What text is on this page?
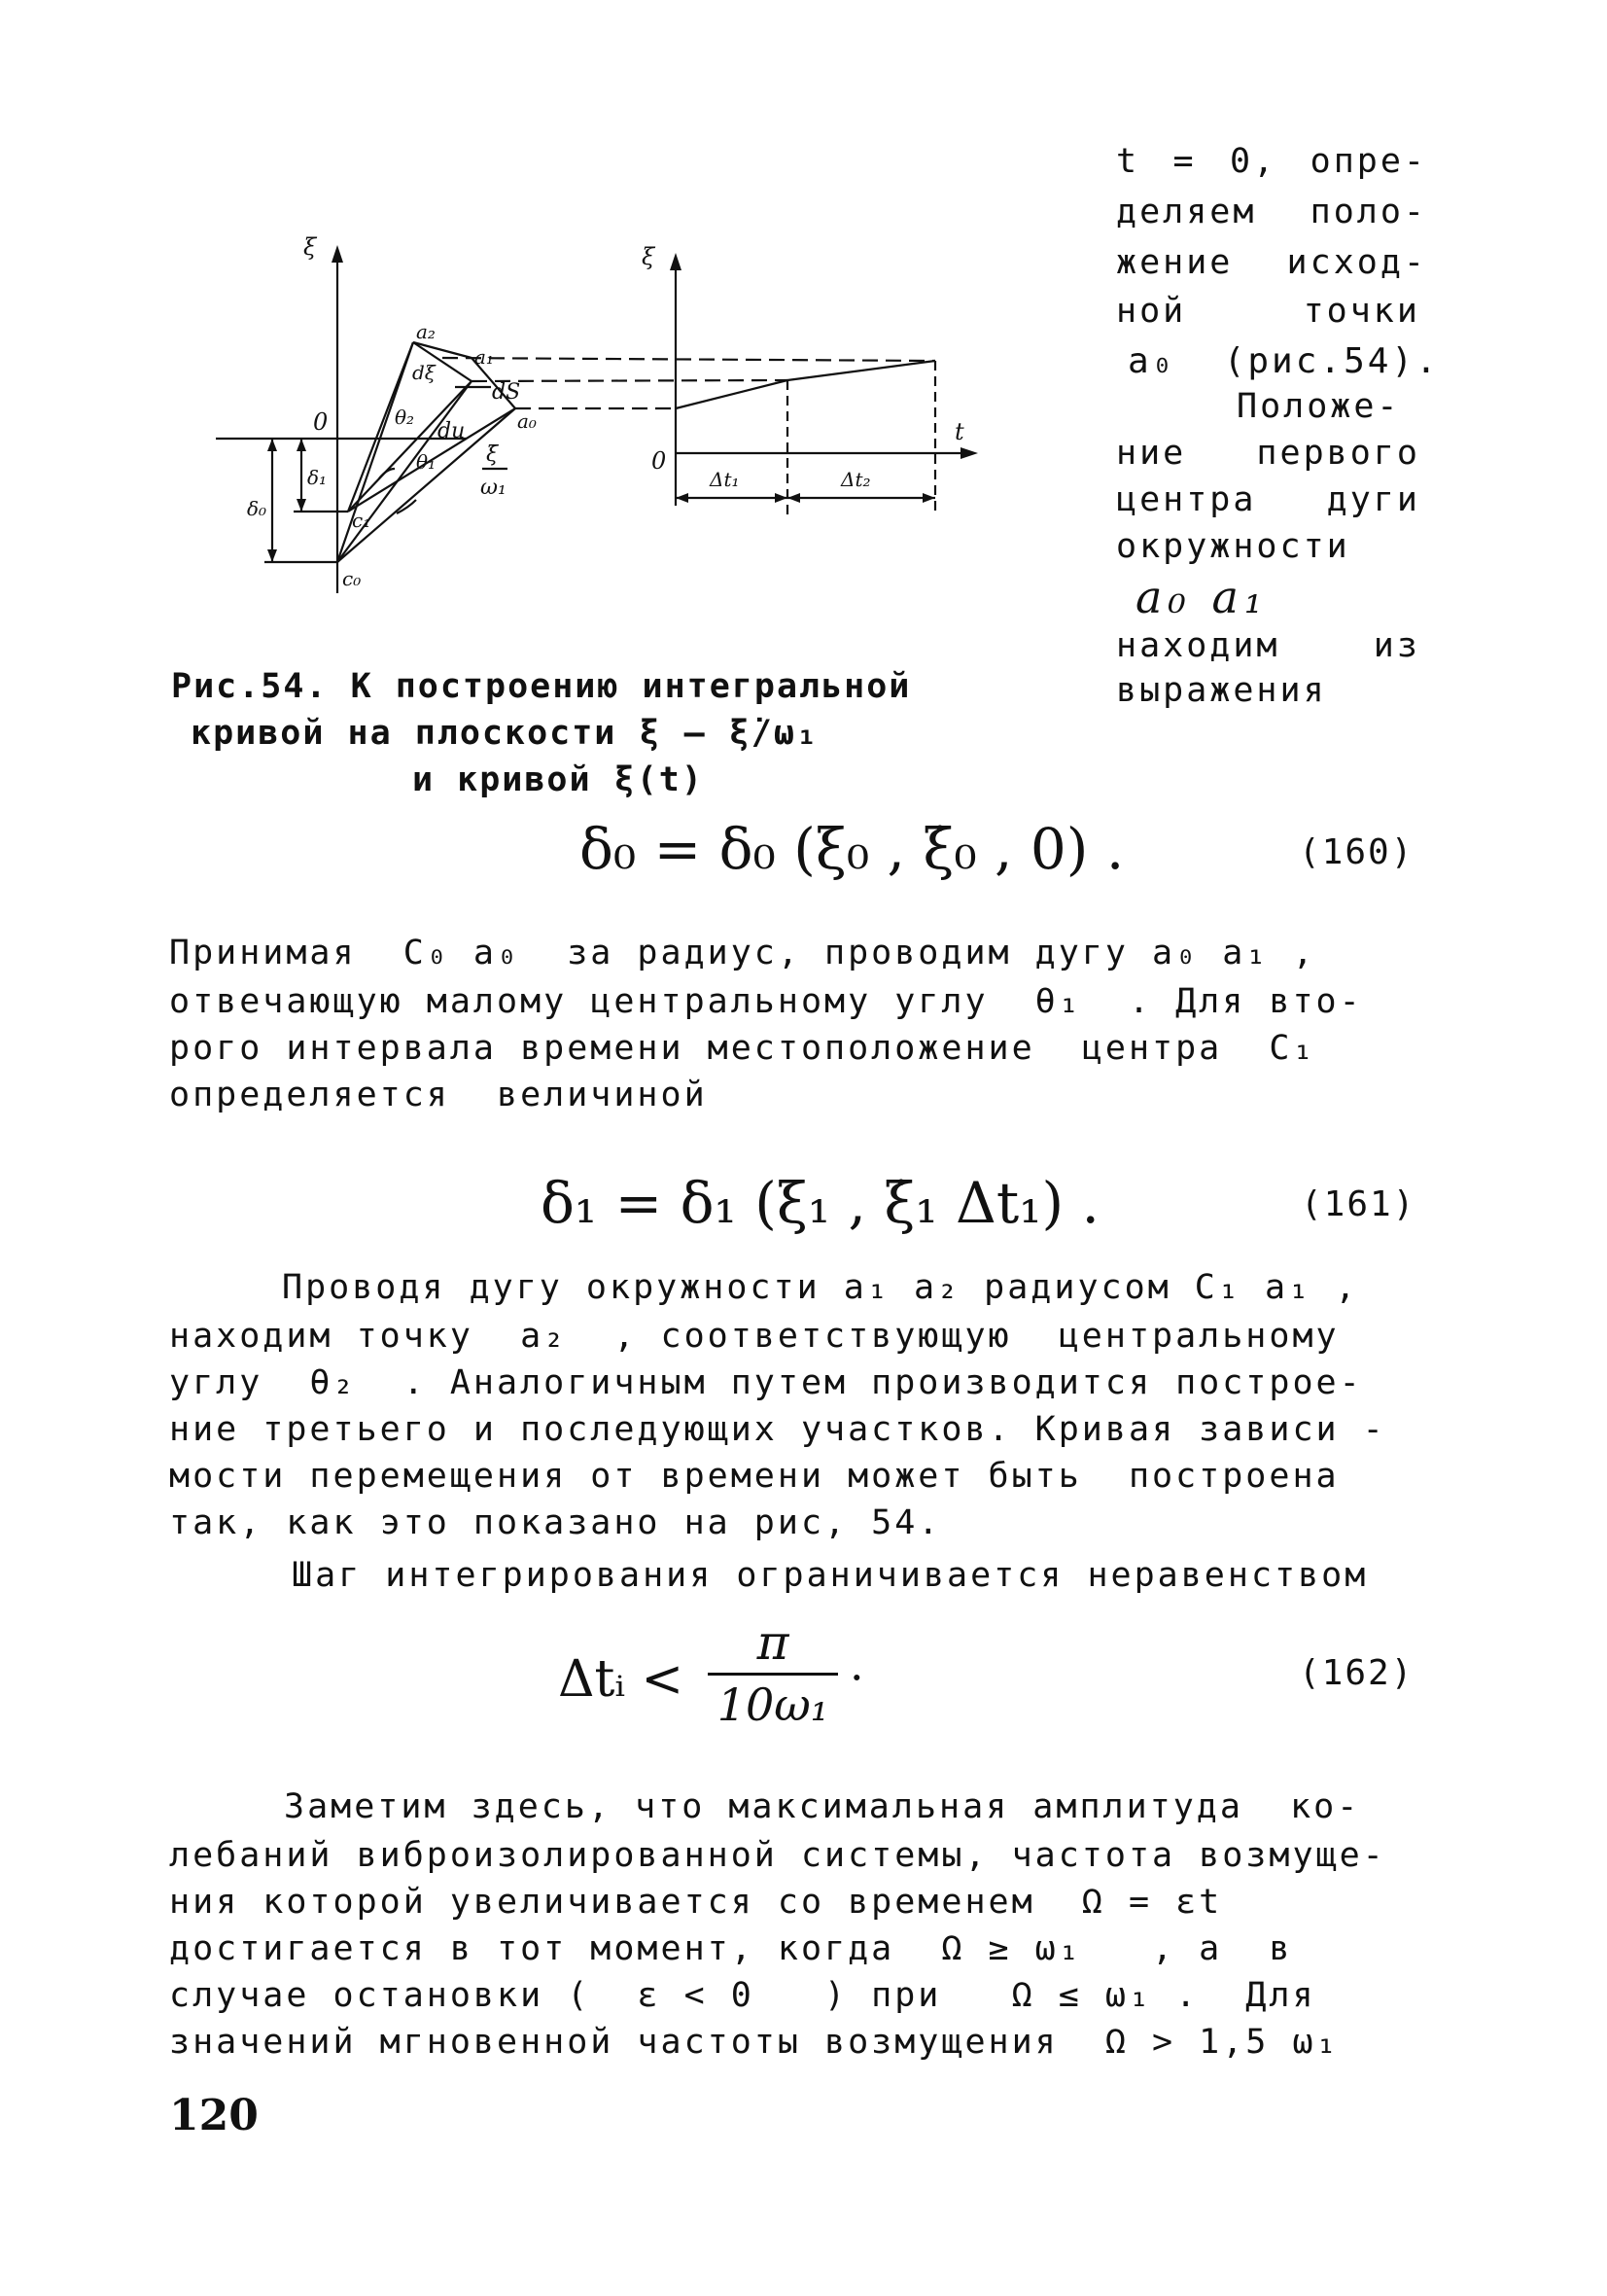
t = 0, опре-
деляем поло-
жение исход-
ной     точки
a₀  (рис.54).
Положе-
ние   первого
центра   дуги
окружности
a₀ a₁
находим    из
выражения
ξ	ξ
t
0
0
ξ̇
ω₁
a₂
a₁
a₀
c₁
c₀
dξ
du
dS
θ₂
θ₁
δ₁
δ₀
Δt₁	Δt₂
Рис.54. К построению интегральной
кривой на плоскости ξ – ξ̇/ω₁
и кривой ξ(t)
δ₀ = δ₀ (ξ₀ , ξ̇₀ , 0) .	(160)
Принимая  C₀ a₀  за радиус, проводим дугу a₀ a₁ ,
отвечающую малому центральному углу  θ₁  . Для вто-
рого интервала времени местоположение  центра  C₁
определяется  величиной
δ₁ = δ₁ (ξ₁ , ξ̇₁ Δt₁) .	(161)
Проводя дугу окружности a₁ a₂ радиусом C₁ a₁ ,
находим точку  a₂  , соответствующую  центральному
углу  θ₂  . Аналогичным путем производится построе-
ние третьего и последующих участков. Кривая зависи -
мости перемещения от времени может быть  построена
так, как это показано на рис, 54.
Шаг интегрирования ограничивается неравенством
Δtᵢ <
π
10ω₁
·	(162)
Заметим здесь, что максимальная амплитуда  ко-
лебаний виброизолированной системы, частота возмуще-
ния которой увеличивается со временем  Ω = εt
достигается в тот момент, когда  Ω ≥ ω₁   , а  в
случае остановки (  ε < 0   ) при   Ω ≤ ω₁ .  Для
значений мгновенной частоты возмущения  Ω > 1,5 ω₁
120
